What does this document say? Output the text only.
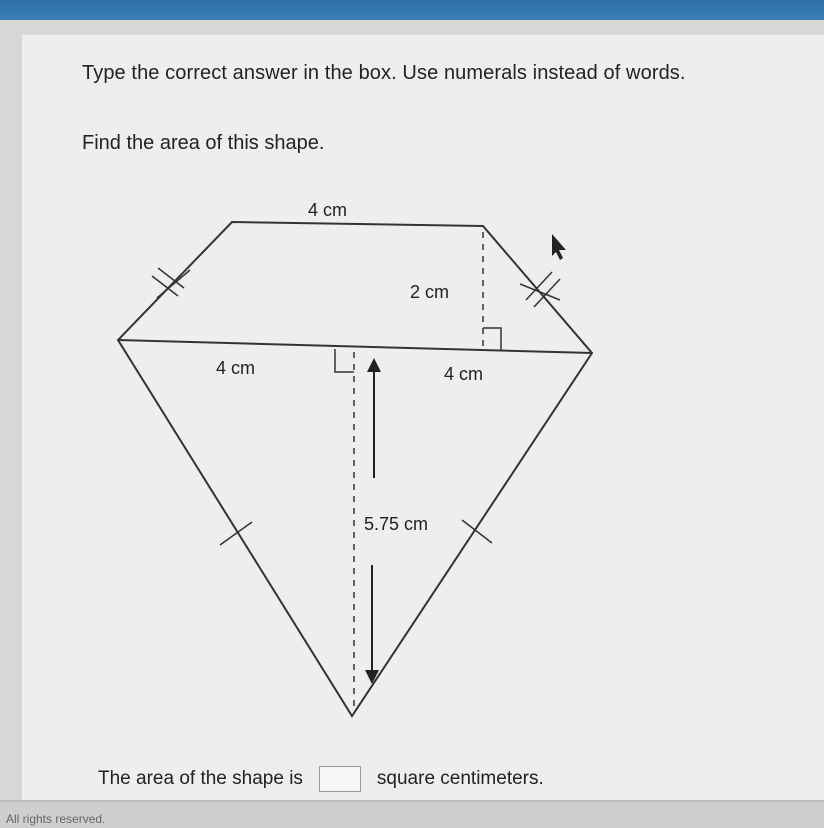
Type the correct answer in the box. Use numerals instead of words.
Find the area of this shape.
4 cm
2 cm
4 cm	4 cm
5.75 cm
The area of the shape is	square centimeters.
All rights reserved.
